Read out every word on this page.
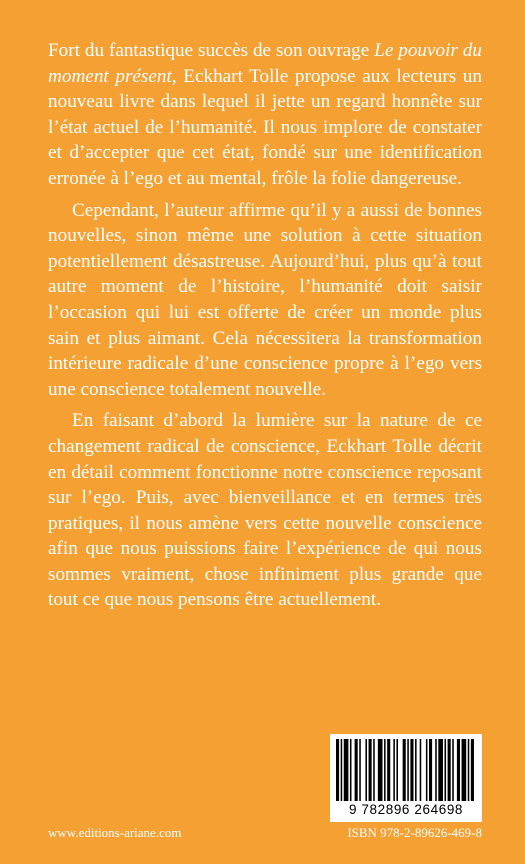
Fort du fantastique succès de son ouvrage Le pouvoir du moment présent, Eckhart Tolle propose aux lecteurs un nouveau livre dans lequel il jette un regard honnête sur l’état actuel de l’humanité. Il nous implore de constater et d’accepter que cet état, fondé sur une identification erronée à l’ego et au mental, frôle la folie dangereuse.

Cependant, l’auteur affirme qu’il y a aussi de bonnes nouvelles, sinon même une solution à cette situation potentiellement désastreuse. Aujourd’hui, plus qu’à tout autre moment de l’histoire, l’humanité doit saisir l’occasion qui lui est offerte de créer un monde plus sain et plus aimant. Cela nécessitera la transformation intérieure radicale d’une conscience propre à l’ego vers une conscience totalement nouvelle.

En faisant d’abord la lumière sur la nature de ce changement radical de conscience, Eckhart Tolle décrit en détail comment fonctionne notre conscience reposant sur l’ego. Puis, avec bienveillance et en termes très pratiques, il nous amène vers cette nouvelle conscience afin que nous puissions faire l’expérience de qui nous sommes vraiment, chose infiniment plus grande que tout ce que nous pensons être actuellement.

9 782896 264698
www.editions-ariane.com	ISBN 978-2-89626-469-8
